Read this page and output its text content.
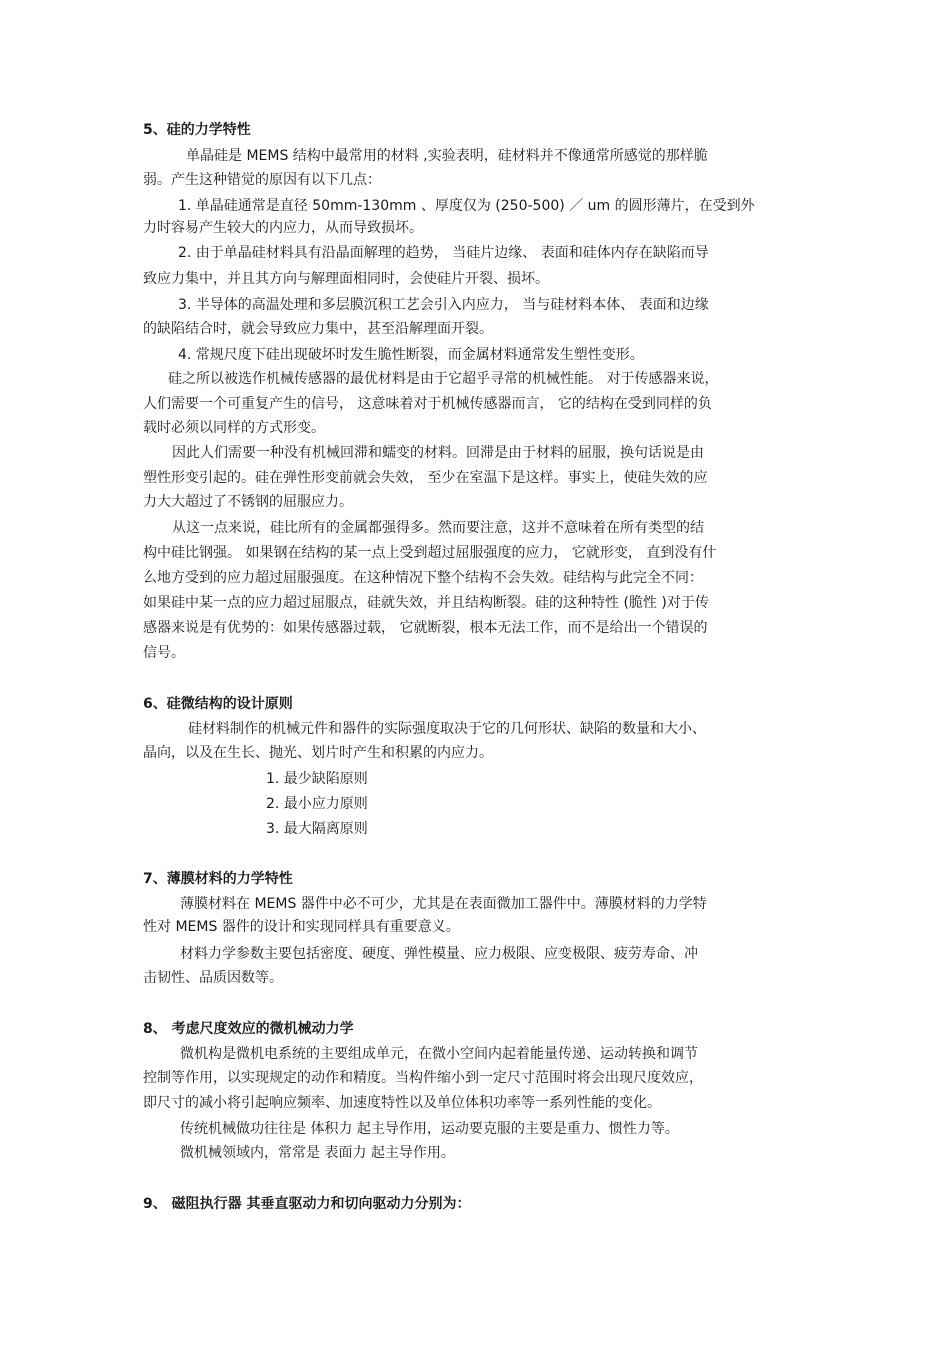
5、硅的力学特性
单晶硅是 MEMS 结构中最常用的材料 ,实验表明，硅材料并不像通常所感觉的那样脆
弱。产生这种错觉的原因有以下几点：
1. 单晶硅通常是直径 50mm-130mm 、厚度仅为 (250-500) ／ um 的圆形薄片，在受到外
力时容易产生较大的内应力，从而导致损坏。
2. 由于单晶硅材料具有沿晶面解理的趋势， 当硅片边缘、 表面和硅体内存在缺陷而导
致应力集中，并且其方向与解理面相同时，会使硅片开裂、损坏。
3. 半导体的高温处理和多层膜沉积工艺会引入内应力， 当与硅材料本体、 表面和边缘
的缺陷结合时，就会导致应力集中，甚至沿解理面开裂。
4. 常规尺度下硅出现破坏时发生脆性断裂，而金属材料通常发生塑性变形。
硅之所以被选作机械传感器的最优材料是由于它超乎寻常的机械性能。 对于传感器来说，
人们需要一个可重复产生的信号， 这意味着对于机械传感器而言， 它的结构在受到同样的负
载时必须以同样的方式形变。
因此人们需要一种没有机械回滞和蠕变的材料。回滞是由于材料的屈服，换句话说是由
塑性形变引起的。硅在弹性形变前就会失效， 至少在室温下是这样。事实上，使硅失效的应
力大大超过了不锈钢的屈服应力。
从这一点来说，硅比所有的金属都强得多。然而要注意，这并不意味着在所有类型的结
构中硅比钢强。 如果钢在结构的某一点上受到超过屈服强度的应力， 它就形变， 直到没有什
么地方受到的应力超过屈服强度。在这种情况下整个结构不会失效。硅结构与此完全不同：
如果硅中某一点的应力超过屈服点，硅就失效，并且结构断裂。硅的这种特性 (脆性 )对于传
感器来说是有优势的：如果传感器过载， 它就断裂，根本无法工作，而不是给出一个错误的
信号。
6、硅微结构的设计原则
硅材料制作的机械元件和器件的实际强度取决于它的几何形状、缺陷的数量和大小、
晶向，以及在生长、抛光、划片时产生和积累的内应力。
1. 最少缺陷原则
2. 最小应力原则
3. 最大隔离原则
7、薄膜材料的力学特性
薄膜材料在 MEMS 器件中必不可少，尤其是在表面微加工器件中。薄膜材料的力学特
性对 MEMS 器件的设计和实现同样具有重要意义。
材料力学参数主要包括密度、硬度、弹性模量、应力极限、应变极限、疲劳寿命、冲
击韧性、品质因数等。
8、 考虑尺度效应的微机械动力学
微机构是微机电系统的主要组成单元，在微小空间内起着能量传递、运动转换和调节
控制等作用，以实现规定的动作和精度。当构件缩小到一定尺寸范围时将会出现尺度效应，
即尺寸的减小将引起响应频率、加速度特性以及单位体积功率等一系列性能的变化。
传统机械做功往往是 体积力 起主导作用，运动要克服的主要是重力、惯性力等。
微机械领域内，常常是 表面力 起主导作用。
9、 磁阻执行器 其垂直驱动力和切向驱动力分别为：
